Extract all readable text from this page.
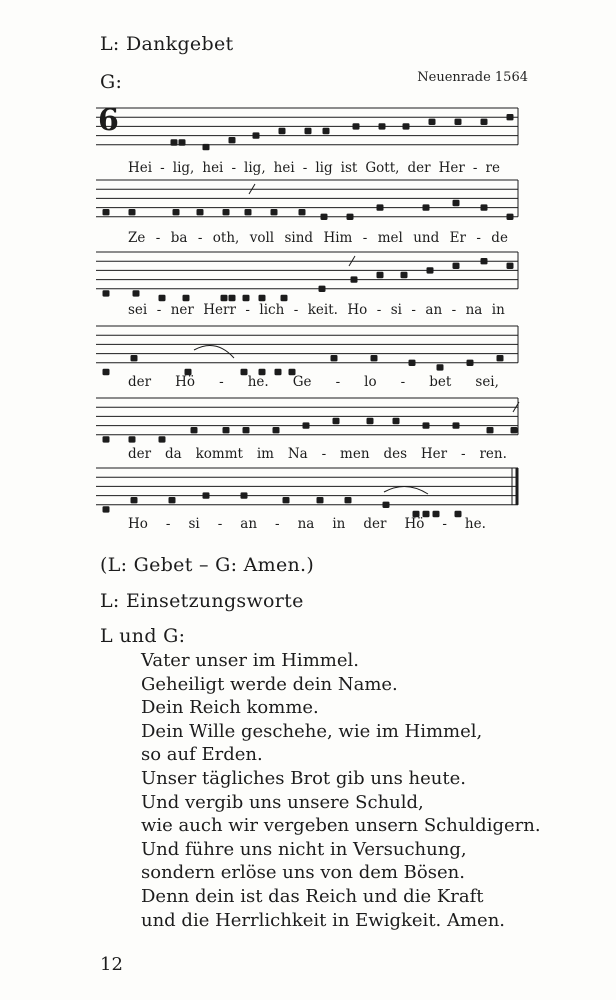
L: Dankgebet
G:	Neuenrade 1564
6
Hei - lig, hei - lig, hei - lig ist Gott, der Her - re
Ze - ba - oth, voll sind Him - mel und Er - de
sei - ner Herr - lich - keit. Ho - si - an - na in
der Hö - he. Ge - lo - bet sei,
der da kommt im Na - men des Her - ren.
Ho - si - an - na in der Hö - he.
(L: Gebet – G: Amen.)
L: Einsetzungsworte
L und G:
Vater unser im Himmel.
Geheiligt werde dein Name.
Dein Reich komme.
Dein Wille geschehe, wie im Himmel,
so auf Erden.
Unser tägliches Brot gib uns heute.
Und vergib uns unsere Schuld,
wie auch wir vergeben unsern Schuldigern.
Und führe uns nicht in Versuchung,
sondern erlöse uns von dem Bösen.
Denn dein ist das Reich und die Kraft
und die Herrlichkeit in Ewigkeit. Amen.
12
